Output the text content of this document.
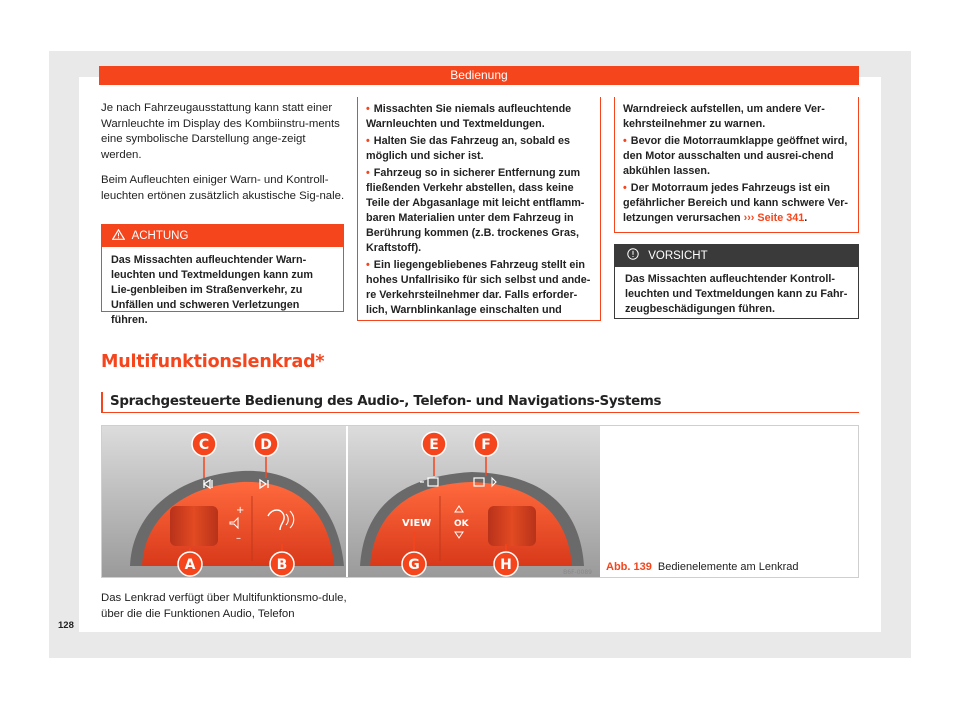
Bedienung

Je nach Fahrzeugausstattung kann statt einer Warnleuchte im Display des Kombiinstru-ments eine symbolische Darstellung ange-zeigt werden.

Beim Aufleuchten einiger Warn- und Kontroll-leuchten ertönen zusätzlich akustische Sig-nale.

ACHTUNG
Das Missachten aufleuchtender Warn-leuchten und Textmeldungen kann zum Lie-genbleiben im Straßenverkehr, zu Unfällen und schweren Verletzungen führen.
• Missachten Sie niemals aufleuchtende Warnleuchten und Textmeldungen.
• Halten Sie das Fahrzeug an, sobald es möglich und sicher ist.
• Fahrzeug so in sicherer Entfernung zum fließenden Verkehr abstellen, dass keine Teile der Abgasanlage mit leicht entflamm-baren Materialien unter dem Fahrzeug in Berührung kommen (z.B. trockenes Gras, Kraftstoff).
• Ein liegengebliebenes Fahrzeug stellt ein hohes Unfallrisiko für sich selbst und ande-re Verkehrsteilnehmer dar. Falls erforder-lich, Warnblinkanlage einschalten und
Warndreieck aufstellen, um andere Ver-kehrsteilnehmer zu warnen.
• Bevor die Motorraumklappe geöffnet wird, den Motor ausschalten und ausrei-chend abkühlen lassen.
• Der Motorraum jedes Fahrzeugs ist ein gefährlicher Bereich und kann schwere Ver-letzungen verursachen ››› Seite 341.
VORSICHT
Das Missachten aufleuchtender Kontroll-leuchten und Textmeldungen kann zu Fahr-zeugbeschädigungen führen.
Multifunktionslenkrad*
Sprachgesteuerte Bedienung des Audio-, Telefon- und Navigations-Systems
+
–
C	D
A	B
VIEW	OK
E	F
G	H	B6F-0089 Abb. 139 Bedienelemente am Lenkrad
Das Lenkrad verfügt über Multifunktionsmo-dule, über die die Funktionen Audio, Telefon
128
